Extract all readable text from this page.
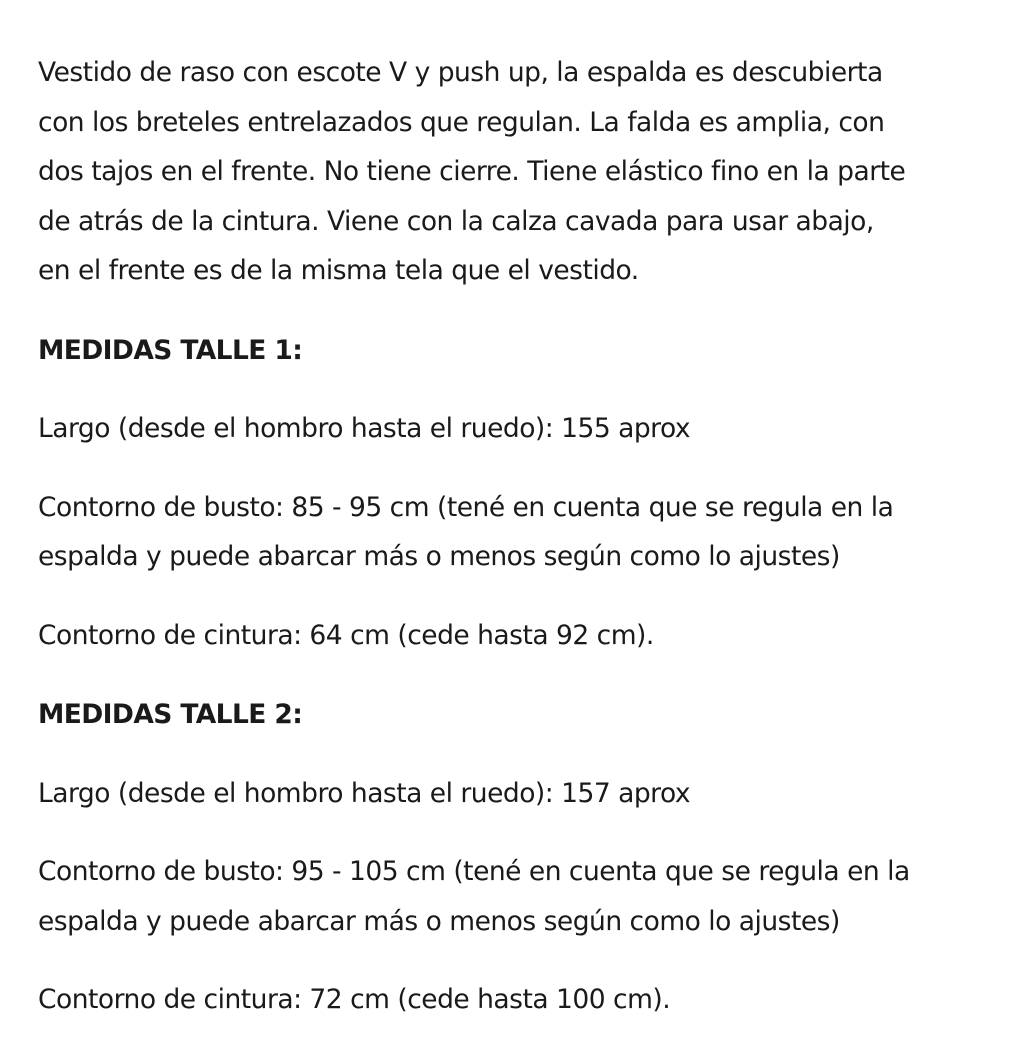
Vestido de raso con escote V y push up, la espalda es descubierta

con los breteles entrelazados que regulan. La falda es amplia, con

dos tajos en el frente. No tiene cierre. Tiene elástico fino en la parte

de atrás de la cintura. Viene con la calza cavada para usar abajo,

en el frente es de la misma tela que el vestido.

MEDIDAS TALLE 1:

Largo (desde el hombro hasta el ruedo): 155 aprox

Contorno de busto: 85 - 95 cm (tené en cuenta que se regula en la

espalda y puede abarcar más o menos según como lo ajustes)

Contorno de cintura: 64 cm (cede hasta 92 cm).

MEDIDAS TALLE 2:

Largo (desde el hombro hasta el ruedo): 157 aprox

Contorno de busto: 95 - 105 cm (tené en cuenta que se regula en la

espalda y puede abarcar más o menos según como lo ajustes)

Contorno de cintura: 72 cm (cede hasta 100 cm).
